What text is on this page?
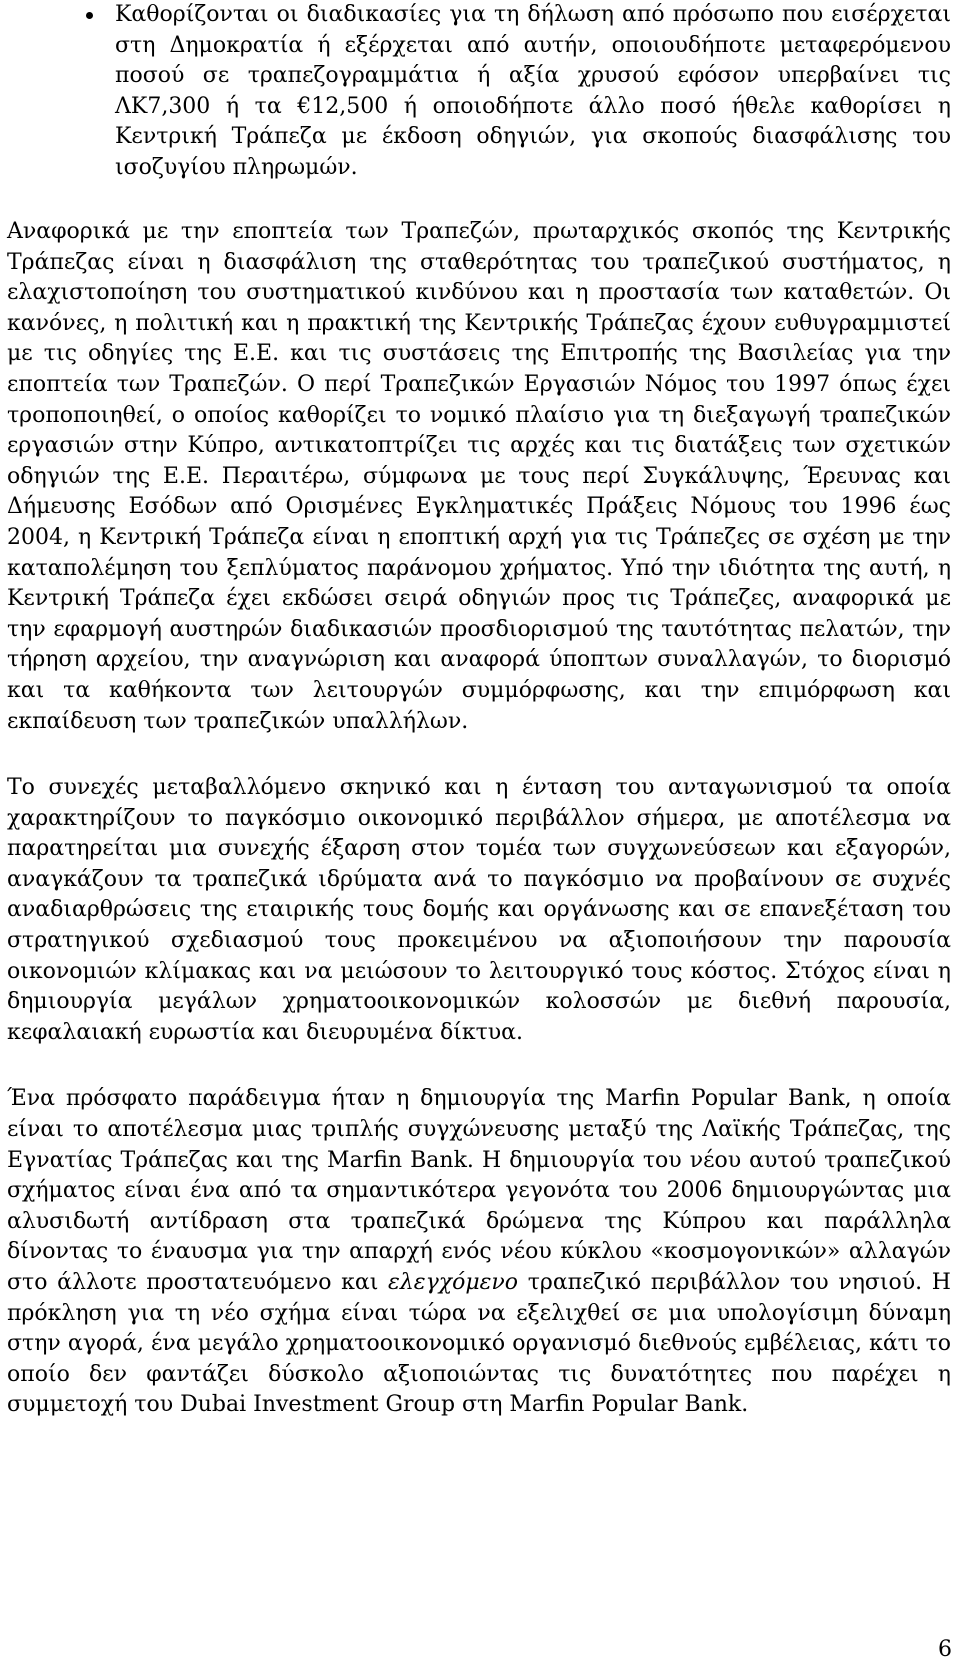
Καθορίζονται οι διαδικασίες για τη δήλωση από πρόσωπο που εισέρχεται στη Δημοκρατία ή εξέρχεται από αυτήν, οποιουδήποτε μεταφερόμενου ποσού σε τραπεζογραμμάτια ή αξία χρυσού εφόσον υπερβαίνει τις ΛΚ7,300 ή τα €12,500 ή οποιοδήποτε άλλο ποσό ήθελε καθορίσει η Κεντρική Τράπεζα με έκδοση οδηγιών, για σκοπούς διασφάλισης του ισοζυγίου πληρωμών.

Αναφορικά με την εποπτεία των Τραπεζών, πρωταρχικός σκοπός της Κεντρικής Τράπεζας είναι η διασφάλιση της σταθερότητας του τραπεζικού συστήματος, η ελαχιστοποίηση του συστηματικού κινδύνου και η προστασία των καταθετών. Οι κανόνες, η πολιτική και η πρακτική της Κεντρικής Τράπεζας έχουν ευθυγραμμιστεί με τις οδηγίες της Ε.Ε. και τις συστάσεις της Επιτροπής της Βασιλείας για την εποπτεία των Τραπεζών. Ο περί Τραπεζικών Εργασιών Νόμος του 1997 όπως έχει τροποποιηθεί, ο οποίος καθορίζει το νομικό πλαίσιο για τη διεξαγωγή τραπεζικών εργασιών στην Κύπρο, αντικατοπτρίζει τις αρχές και τις διατάξεις των σχετικών οδηγιών της Ε.Ε. Περαιτέρω, σύμφωνα με τους περί Συγκάλυψης, Έρευνας και Δήμευσης Εσόδων από Ορισμένες Εγκληματικές Πράξεις Νόμους του 1996 έως 2004, η Κεντρική Τράπεζα είναι η εποπτική αρχή για τις Τράπεζες σε σχέση με την καταπολέμηση του ξεπλύματος παράνομου χρήματος. Υπό την ιδιότητα της αυτή, η Κεντρική Τράπεζα έχει εκδώσει σειρά οδηγιών προς τις Τράπεζες, αναφορικά με την εφαρμογή αυστηρών διαδικασιών προσδιορισμού της ταυτότητας πελατών, την τήρηση αρχείου, την αναγνώριση και αναφορά ύποπτων συναλλαγών, το διορισμό και τα καθήκοντα των λειτουργών συμμόρφωσης, και την επιμόρφωση και εκπαίδευση των τραπεζικών υπαλλήλων.

Το συνεχές μεταβαλλόμενο σκηνικό και η ένταση του ανταγωνισμού τα οποία χαρακτηρίζουν το παγκόσμιο οικονομικό περιβάλλον σήμερα, με αποτέλεσμα να παρατηρείται μια συνεχής έξαρση στον τομέα των συγχωνεύσεων και εξαγορών, αναγκάζουν τα τραπεζικά ιδρύματα ανά το παγκόσμιο να προβαίνουν σε συχνές αναδιαρθρώσεις της εταιρικής τους δομής και οργάνωσης και σε επανεξέταση του στρατηγικού σχεδιασμού τους προκειμένου να αξιοποιήσουν την παρουσία οικονομιών κλίμακας και να μειώσουν το λειτουργικό τους κόστος. Στόχος είναι η δημιουργία μεγάλων χρηματοοικονομικών κολοσσών με διεθνή παρουσία, κεφαλαιακή ευρωστία και διευρυμένα δίκτυα.

Ένα πρόσφατο παράδειγμα ήταν η δημιουργία της Marfin Popular Bank, η οποία είναι το αποτέλεσμα μιας τριπλής συγχώνευσης μεταξύ της Λαϊκής Τράπεζας, της Εγνατίας Τράπεζας και της Marfin Bank. Η δημιουργία του νέου αυτού τραπεζικού σχήματος είναι ένα από τα σημαντικότερα γεγονότα του 2006 δημιουργώντας μια αλυσιδωτή αντίδραση στα τραπεζικά δρώμενα της Κύπρου και παράλληλα δίνοντας το έναυσμα για την απαρχή ενός νέου κύκλου «κοσμογονικών» αλλαγών στο άλλοτε προστατευόμενο και ελεγχόμενο τραπεζικό περιβάλλον του νησιού. Η πρόκληση για τη νέο σχήμα είναι τώρα να εξελιχθεί σε μια υπολογίσιμη δύναμη στην αγορά, ένα μεγάλο χρηματοοικονομικό οργανισμό διεθνούς εμβέλειας, κάτι το οποίο δεν φαντάζει δύσκολο αξιοποιώντας τις δυνατότητες που παρέχει η συμμετοχή του Dubai Investment Group στη Marfin Popular Bank.

6
